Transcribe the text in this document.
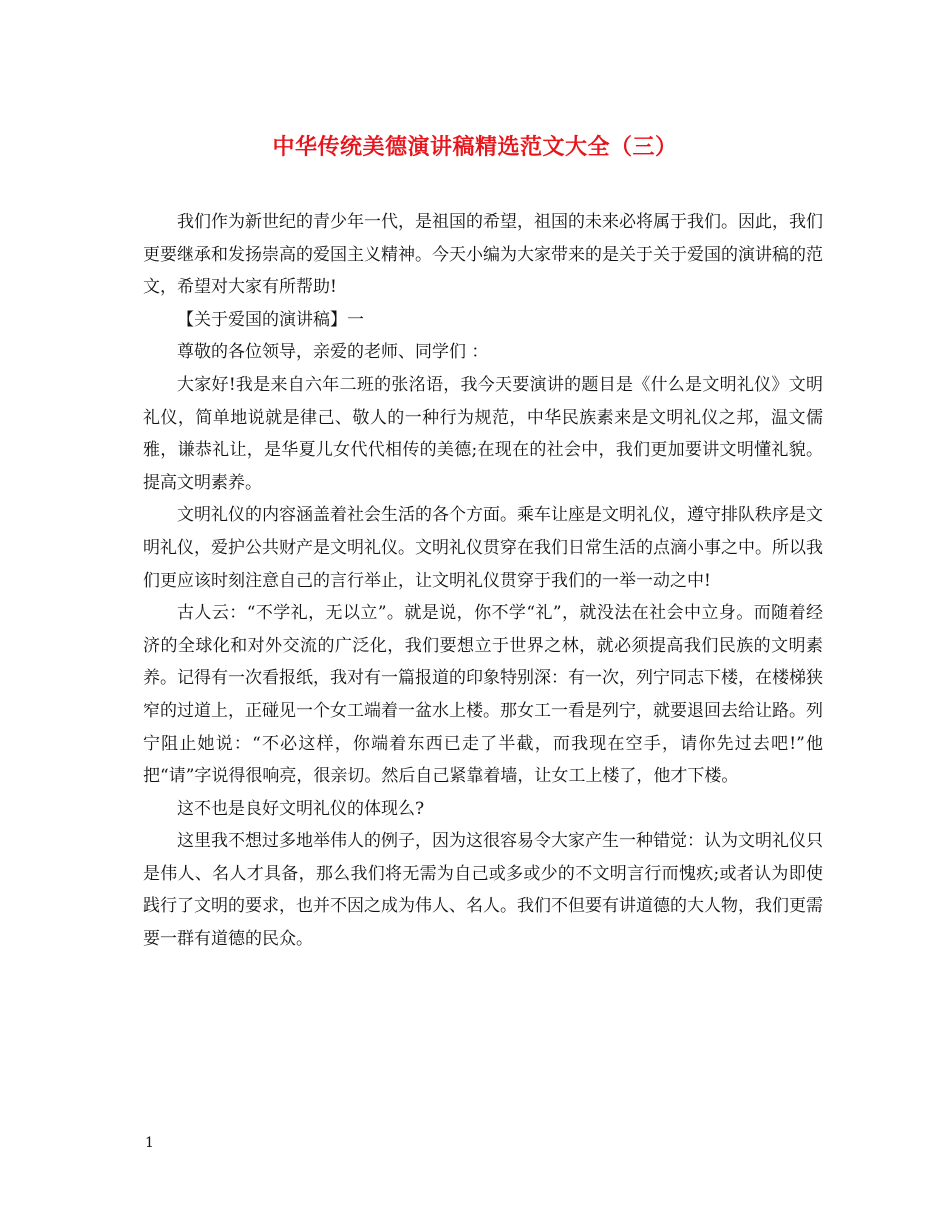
中华传统美德演讲稿精选范文大全（三）

我们作为新世纪的青少年一代，是祖国的希望，祖国的未来必将属于我们。因此，我们更要继承和发扬崇高的爱国主义精神。今天小编为大家带来的是关于关于爱国的演讲稿的范文，希望对大家有所帮助!

【关于爱国的演讲稿】一

尊敬的各位领导，亲爱的老师、同学们 ：

大家好!我是来自六年二班的张洺语，我今天要演讲的题目是《什么是文明礼仪》文明礼仪，简单地说就是律己、敬人的一种行为规范，中华民族素来是文明礼仪之邦，温文儒雅，谦恭礼让，是华夏儿女代代相传的美德;在现在的社会中，我们更加要讲文明懂礼貌。提高文明素养。

文明礼仪的内容涵盖着社会生活的各个方面。乘车让座是文明礼仪，遵守排队秩序是文明礼仪，爱护公共财产是文明礼仪。文明礼仪贯穿在我们日常生活的点滴小事之中。所以我们更应该时刻注意自己的言行举止，让文明礼仪贯穿于我们的一举一动之中!

古人云：“不学礼，无以立”。就是说，你不学“礼”，就没法在社会中立身。而随着经济的全球化和对外交流的广泛化，我们要想立于世界之林，就必须提高我们民族的文明素养。记得有一次看报纸，我对有一篇报道的印象特别深：有一次，列宁同志下楼，在楼梯狭窄的过道上，正碰见一个女工端着一盆水上楼。那女工一看是列宁，就要退回去给让路。列宁阻止她说：“不必这样，你端着东西已走了半截，而我现在空手，请你先过去吧!”他把“请”字说得很响亮，很亲切。然后自己紧靠着墙，让女工上楼了，他才下楼。

这不也是良好文明礼仪的体现么?

这里我不想过多地举伟人的例子，因为这很容易令大家产生一种错觉：认为文明礼仪只是伟人、名人才具备，那么我们将无需为自己或多或少的不文明言行而愧疚;或者认为即使践行了文明的要求，也并不因之成为伟人、名人。我们不但要有讲道德的大人物，我们更需要一群有道德的民众。

1
